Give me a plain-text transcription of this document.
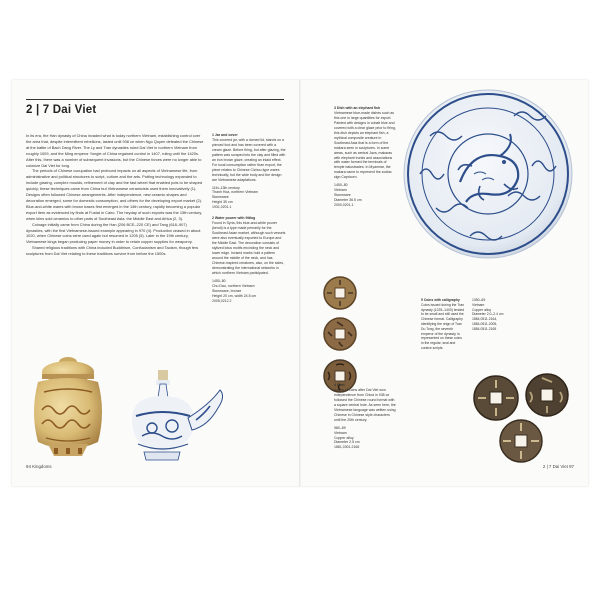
2 | 7 Dai Viet

In its era, the Han dynasty of China invaded what is today northern Vietnam, establishing control over the area that, despite intermittent rebellions, lasted until 938 ce when Ngo Quyen defeated the Chinese at the battle of Bach Dang River. The Ly and Tran dynasties ruled Dai Viet in northern Vietnam from roughly 1009, and the Ming emperor Yongle of China regained control in 1407, ruling until the 1420s. After this, there was a number of subsequent invasions, but the Chinese forces were no longer able to colonize Dai Viet for long.

The periods of Chinese occupation had profound impacts on all aspects of Vietnamese life, from administrative and political structures to script, culture and the arts. Potting technology expanded to include glazing, complex moulds, refinement of clay and the fast wheel that enabled pots to be shaped quickly; these techniques came from China but Vietnamese ceramicists used them innovatively (1). Designs often followed Chinese arrangements. After independence, new ceramic shapes and decoration emerged, some for domestic consumption, and others for the developing export market (2). Blue-and-white wares with brown bases first emerged in the 14th century, rapidly becoming a popular export item as evidenced by finds at Fustat in Cairo. The heyday of such exports was the 15th century, when kilns sold ceramics to other parts of Southeast Asia, the Middle East and Africa (2, 3).

Coinage initially came from China during the Han (206 BCE–220 CE) and Tang (618–907) dynasties, with the first Vietnamese-issued example appearing in 970 (4). Production ceased in about 1020, when Chinese coins were used again but resumed in 1205 (5). Later in the 19th century, Vietnamese kings began producing paper money in order to retain copper supplies for weaponry.

Shared religious traditions with China included Buddhism, Confucianism and Taoism, though few sculptures from Dai Viet relating to these traditions survive from before the 1500s.

1 Jar and cover
This covered jar, with a domed lid, stands on a pierced foot and has been covered with a cream glaze. Before firing, but after glazing, the pattern was scraped into the clay and filled with an iron brown glaze, creating an inlaid effect. For local consumption rather than export, the piece relates to Chinese Cizhou-type wares technically, but the wide body and the design are Vietnamese adaptations.
11th–13th century
Thanh Hoa, northern Vietnam
Stoneware
Height 35 cm
1931,0201.1
2 Water pourer with fitting
Found in Syria, this blue-and-white pourer (kendi) is a type made primarily for the Southeast Asian market, although such vessels were also eventually exported to Europe and the Middle East. The decoration consists of stylized lotus motifs encircling the neck and lower edge. Incised marks hold a pattern around the middle of the neck, and has Chinese-inspired creatures, also, on the sides, demonstrating the international networks in which northern Vietnam participated.
1450–80
Chu Dau, northern Vietnam
Stoneware, bronze
Height 20 cm, width 24.5 cm
2005,0212.2
94 Kingdoms
3 Dish with an elephant fish
Vietnamese blue-made dishes such as this one in large quantities for export. Painted with designs in cobalt blue and covered with a clear glaze prior to firing, this dish depicts an elephant fish, a mythical composite creature in Southeast Asia that is a form of the makara seen in sculptures. In some areas, such as central Java, makaras with elephant trunks and associations with water formed the terminals of temple balustrades. In Myanmar, the makara came to represent the zodiac sign Capricorn.
1450–80
Vietnam
Stoneware
Diameter 36.5 cm
2000,0201.1
5 Coins with calligraphy
Coins issued during the Tran dynasty (1225–1400) tended to be small and still used the Chinese format. Calligraphy identifying the reign of Tran Du Tong, the seventh emperor of the dynasty, is represented on these coins in the regular, seal and cursive scripts.
1350–65
Vietnam
Copper alloy
Diameter 2.0–2.4 cm
1884,0511.2164, 1884,0511.2005,
1884,0511.2165
4 Coin
Issues of coins after Dai Viet won independence from China in 938 ce followed the Chinese round format with a square central hole. As seen here, the Vietnamese language was written using Chinese in Chinese style characters until the 20th century.
980–89
Vietnam
Copper alloy
Diameter 2.5 cm
1881,0301.2166
2 | 7 Dai Viet 97
